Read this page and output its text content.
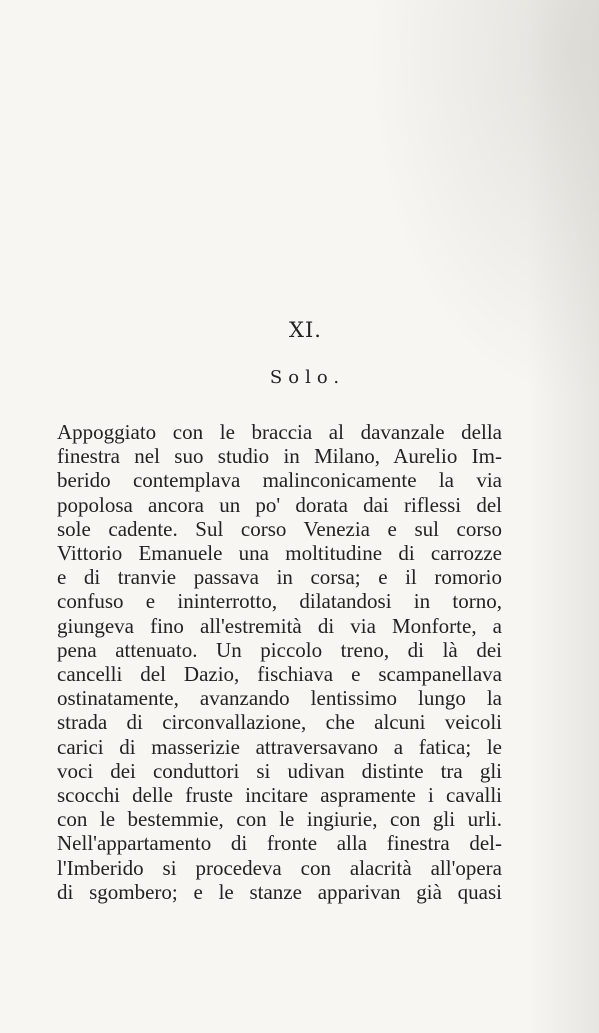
XI.
Solo.
Appoggiato con le braccia al davanzale della
finestra nel suo studio in Milano, Aurelio Im-
berido contemplava malinconicamente la via
popolosa ancora un po' dorata dai riflessi del
sole cadente. Sul corso Venezia e sul corso
Vittorio Emanuele una moltitudine di carrozze
e di tranvie passava in corsa; e il romorio
confuso e ininterrotto, dilatandosi in torno,
giungeva fino all'estremità di via Monforte, a
pena attenuato. Un piccolo treno, di là dei
cancelli del Dazio, fischiava e scampanellava
ostinatamente, avanzando lentissimo lungo la
strada di circonvallazione, che alcuni veicoli
carici di masserizie attraversavano a fatica; le
voci dei conduttori si udivan distinte tra gli
scocchi delle fruste incitare aspramente i cavalli
con le bestemmie, con le ingiurie, con gli urli.
Nell'appartamento di fronte alla finestra del-
l'Imberido si procedeva con alacrità all'opera
di sgombero; e le stanze apparivan già quasi
